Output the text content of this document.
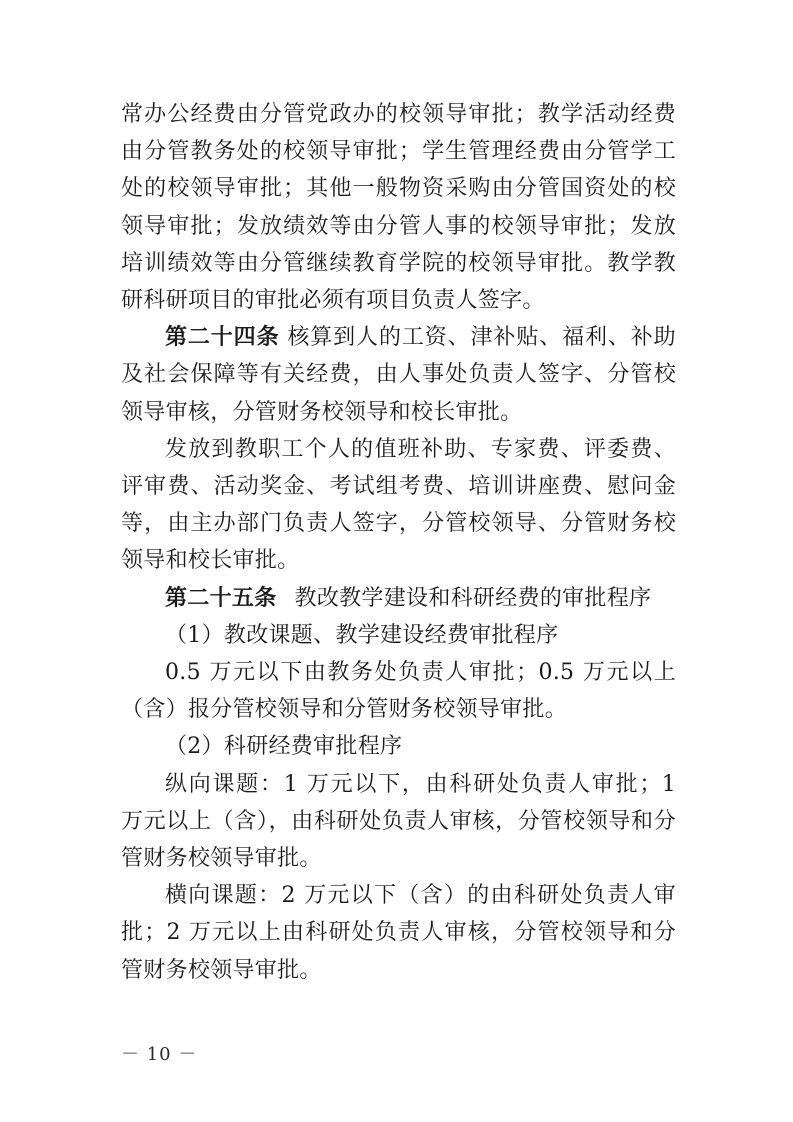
常办公经费由分管党政办的校领导审批；教学活动经费由分管教务处的校领导审批；学生管理经费由分管学工处的校领导审批；其他一般物资采购由分管国资处的校领导审批；发放绩效等由分管人事的校领导审批；发放培训绩效等由分管继续教育学院的校领导审批。教学教研科研项目的审批必须有项目负责人签字。

第二十四条 核算到人的工资、津补贴、福利、补助及社会保障等有关经费，由人事处负责人签字、分管校领导审核，分管财务校领导和校长审批。

发放到教职工个人的值班补助、专家费、评委费、评审费、活动奖金、考试组考费、培训讲座费、慰问金等，由主办部门负责人签字，分管校领导、分管财务校领导和校长审批。

第二十五条 教改教学建设和科研经费的审批程序

（1）教改课题、教学建设经费审批程序

0.5 万元以下由教务处负责人审批；0.5 万元以上（含）报分管校领导和分管财务校领导审批。

（2）科研经费审批程序

纵向课题：1 万元以下，由科研处负责人审批；1 万元以上（含），由科研处负责人审核，分管校领导和分管财务校领导审批。

横向课题：2 万元以下（含）的由科研处负责人审批；2 万元以上由科研处负责人审核，分管校领导和分管财务校领导审批。

－ 10 －
